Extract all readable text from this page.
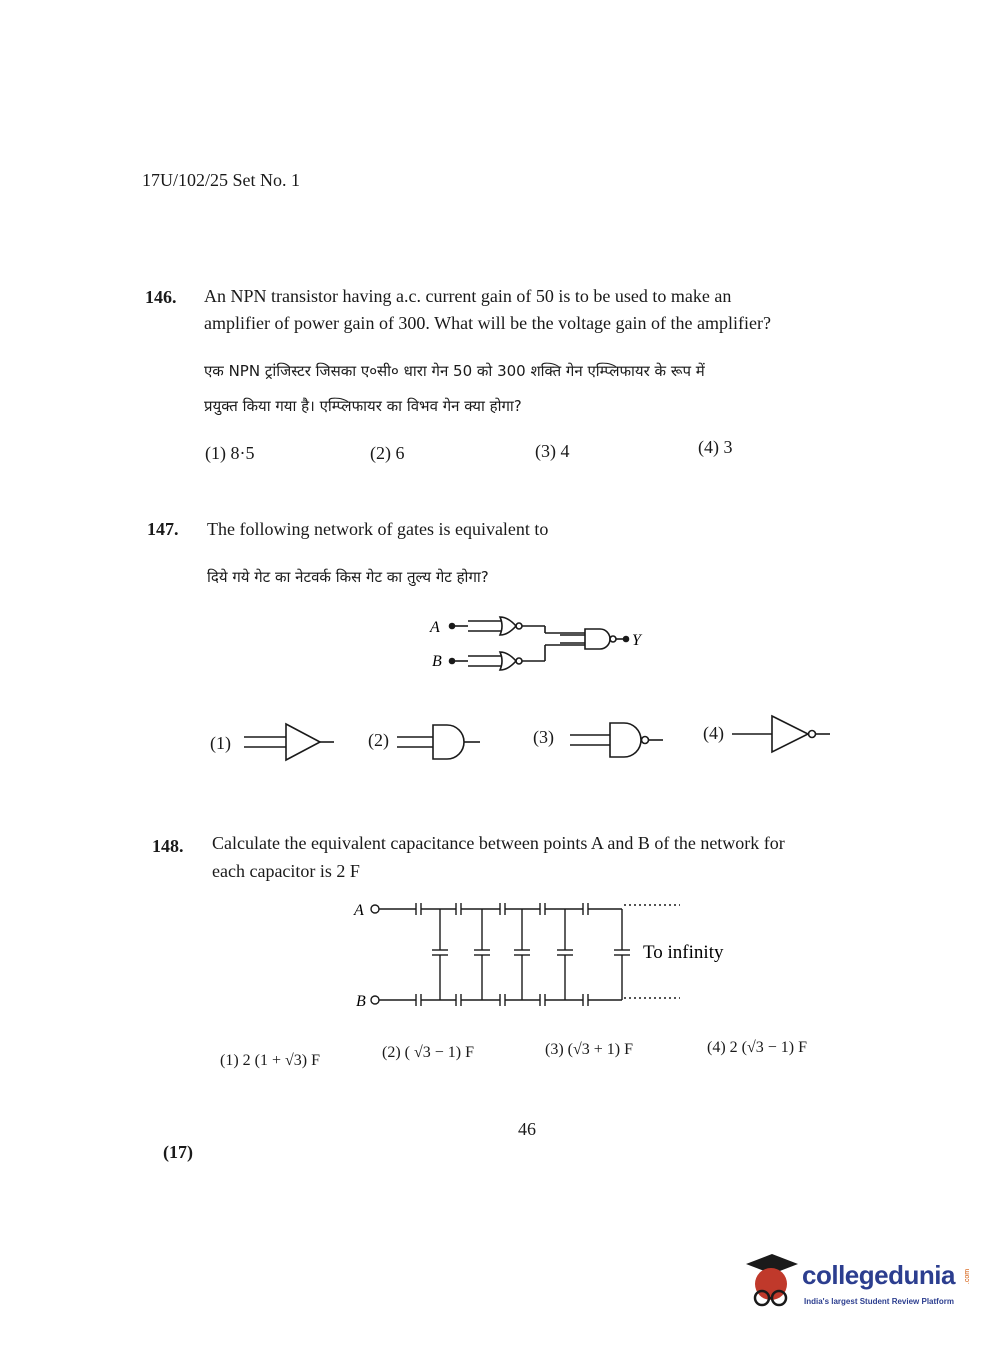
17U/102/25 Set No. 1
146. An NPN transistor having a.c. current gain of 50 is to be used to make an
amplifier of power gain of 300. What will be the voltage gain of the amplifier?
एक NPN ट्रांजिस्टर जिसका ए०सी० धारा गेन 50 को 300 शक्ति गेन एम्प्लिफायर के रूप में
प्रयुक्त किया गया है। एम्प्लिफायर का विभव गेन क्या होगा?
(1) 8·5	(2) 6	(3) 4	(4) 3
147. The following network of gates is equivalent to
दिये गये गेट का नेटवर्क किस गेट का तुल्य गेट होगा?
A
B
Y
(1)	(2)	(3)	(4)
148. Calculate the equivalent capacitance between points A and B of the network for
each capacitor is 2 F
A
B
To infinity
(1) 2 (1 + √3) F	(2) ( √3 − 1) F	(3) (√3 + 1) F	(4) 2 (√3 − 1) F
46
(17)
collegedunia .com
India's largest Student Review Platform
